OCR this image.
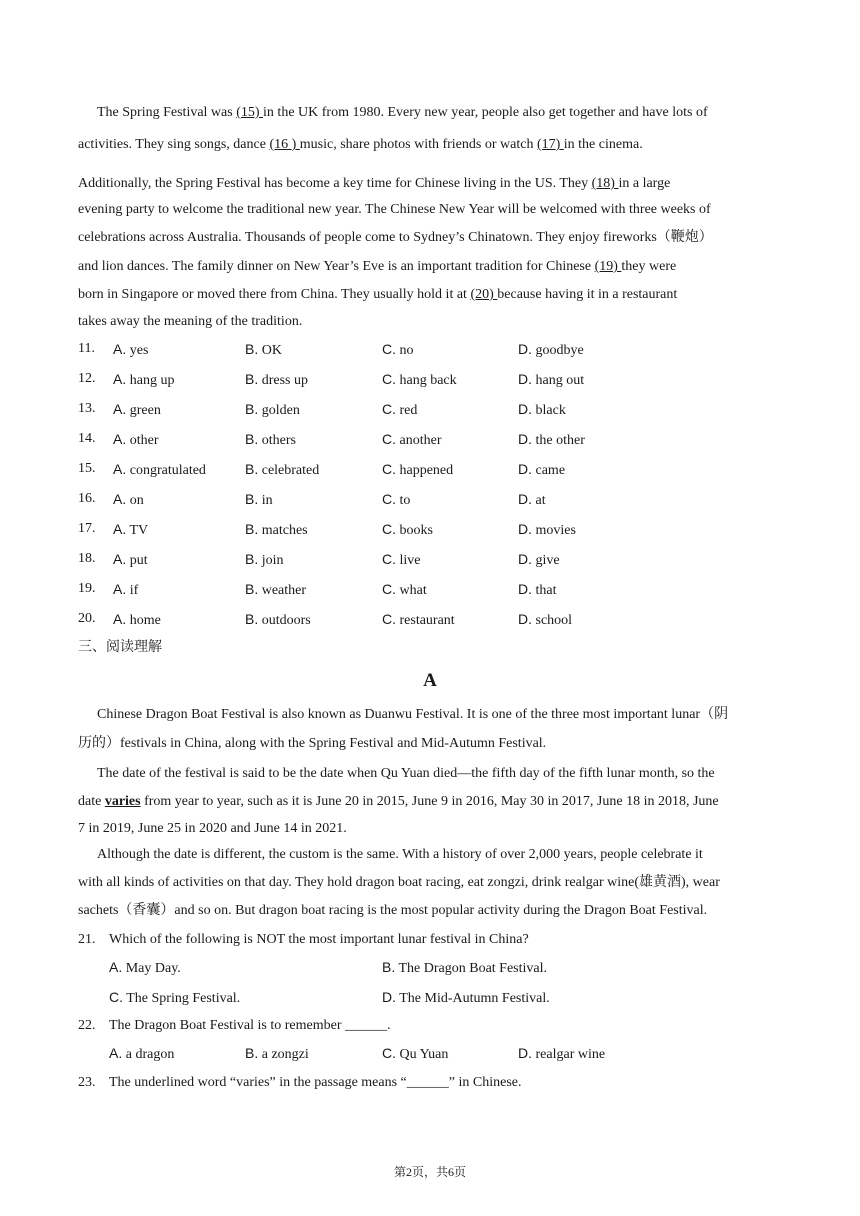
The Spring Festival was (15) in the UK from 1980. Every new year, people also get together and have lots of
activities. They sing songs, dance (16 ) music, share photos with friends or watch (17) in the cinema.
Additionally, the Spring Festival has become a key time for Chinese living in the US. They (18) in a large
evening party to welcome the traditional new year. The Chinese New Year will be welcomed with three weeks of
celebrations across Australia. Thousands of people come to Sydney’s Chinatown. They enjoy fireworks（鞭炮）
and lion dances. The family dinner on New Year’s Eve is an important tradition for Chinese (19) they were
born in Singapore or moved there from China. They usually hold it at (20) because having it in a restaurant
takes away the meaning of the tradition.
11. A. yes	B. OK	C. no	D. goodbye
12. A. hang up	B. dress up	C. hang back	D. hang out
13. A. green	B. golden	C. red	D. black
14. A. other	B. others	C. another	D. the other
15. A. congratulated	B. celebrated	C. happened	D. came
16. A. on	B. in	C. to	D. at
17. A. TV	B. matches	C. books	D. movies
18. A. put	B. join	C. live	D. give
19. A. if	B. weather	C. what	D. that
20. A. home	B. outdoors	C. restaurant	D. school
三、阅读理解
A
Chinese Dragon Boat Festival is also known as Duanwu Festival. It is one of the three most important lunar（阴
历的）festivals in China, along with the Spring Festival and Mid-Autumn Festival.
The date of the festival is said to be the date when Qu Yuan died—the fifth day of the fifth lunar month, so the
date varies from year to year, such as it is June 20 in 2015, June 9 in 2016, May 30 in 2017, June 18 in 2018, June
7 in 2019, June 25 in 2020 and June 14 in 2021.
Although the date is different, the custom is the same. With a history of over 2,000 years, people celebrate it
with all kinds of activities on that day. They hold dragon boat racing, eat zongzi, drink realgar wine(雄黄酒), wear
sachets（香囊）and so on. But dragon boat racing is the most popular activity during the Dragon Boat Festival.
21. Which of the following is NOT the most important lunar festival in China?
A. May Day.	B. The Dragon Boat Festival.
C. The Spring Festival.	D. The Mid-Autumn Festival.
22. The Dragon Boat Festival is to remember ______.
A. a dragon	B. a zongzi	C. Qu Yuan	D. realgar wine
23. The underlined word “varies” in the passage means “______” in Chinese.
第2页，共6页
